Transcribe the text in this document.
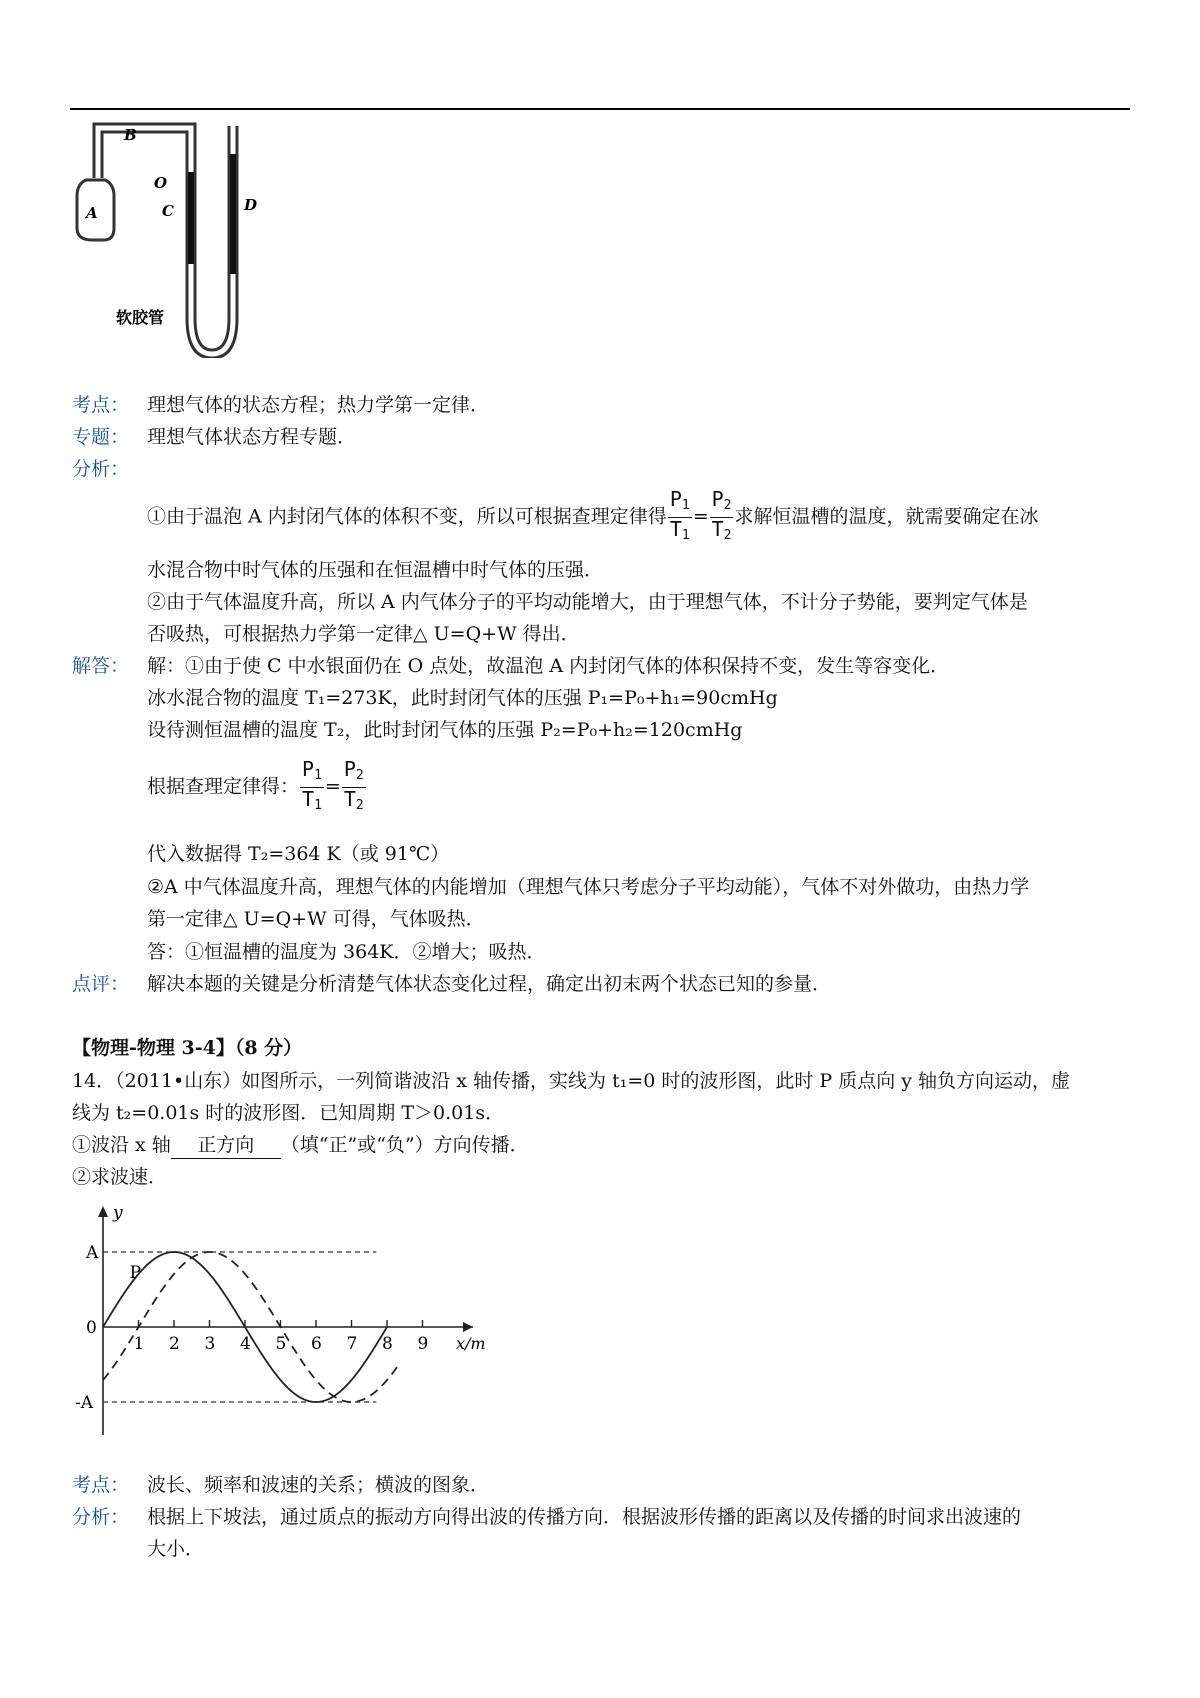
A
B
O
C	D
软胶管
考点： 理想气体的状态方程；热力学第一定律．
专题： 理想气体状态方程专题．
分析：
①由于温泡 A 内封闭气体的体积不变，所以可根据查理定律得 $\frac{P_1}{T_1} = \frac{P_2}{T_2}$ 求解恒温槽的温度，就需要确定在冰
水混合物中时气体的压强和在恒温槽中时气体的压强．
②由于气体温度升高，所以 A 内气体分子的平均动能增大，由于理想气体，不计分子势能，要判定气体是
否吸热，可根据热力学第一定律△ U=Q+W 得出．
解答： 解：①由于使 C 中水银面仍在 O 点处，故温泡 A 内封闭气体的体积保持不变，发生等容变化．
冰水混合物的温度 T₁=273K，此时封闭气体的压强 P₁=P₀+h₁=90cmHg
设待测恒温槽的温度 T₂，此时封闭气体的压强 P₂=P₀+h₂=120cmHg
根据查理定律得： $\frac{P_1}{T_1} = \frac{P_2}{T_2}$
代入数据得 T₂=364 K（或 91℃）
②A 中气体温度升高，理想气体的内能增加（理想气体只考虑分子平均动能），气体不对外做功，由热力学
第一定律△ U=Q+W 可得，气体吸热．
答：①恒温槽的温度为 364K．②增大；吸热．
点评： 解决本题的关键是分析清楚气体状态变化过程，确定出初末两个状态已知的参量．
【物理-物理 3-4】（8 分）
14．（2011•山东）如图所示，一列简谐波沿 x 轴传播，实线为 t₁=0 时的波形图，此时 P 质点向 y 轴负方向运动，虚
线为 t₂=0.01s 时的波形图．已知周期 T＞0.01s．
①波沿 x 轴 正方向 （填“正”或“负”）方向传播．
②求波速．
1 2 3 4 5 6 7 8 9
A
0
-A
x/m
y
P
考点： 波长、频率和波速的关系；横波的图象．
分析： 根据上下坡法，通过质点的振动方向得出波的传播方向．根据波形传播的距离以及传播的时间求出波速的
大小．
